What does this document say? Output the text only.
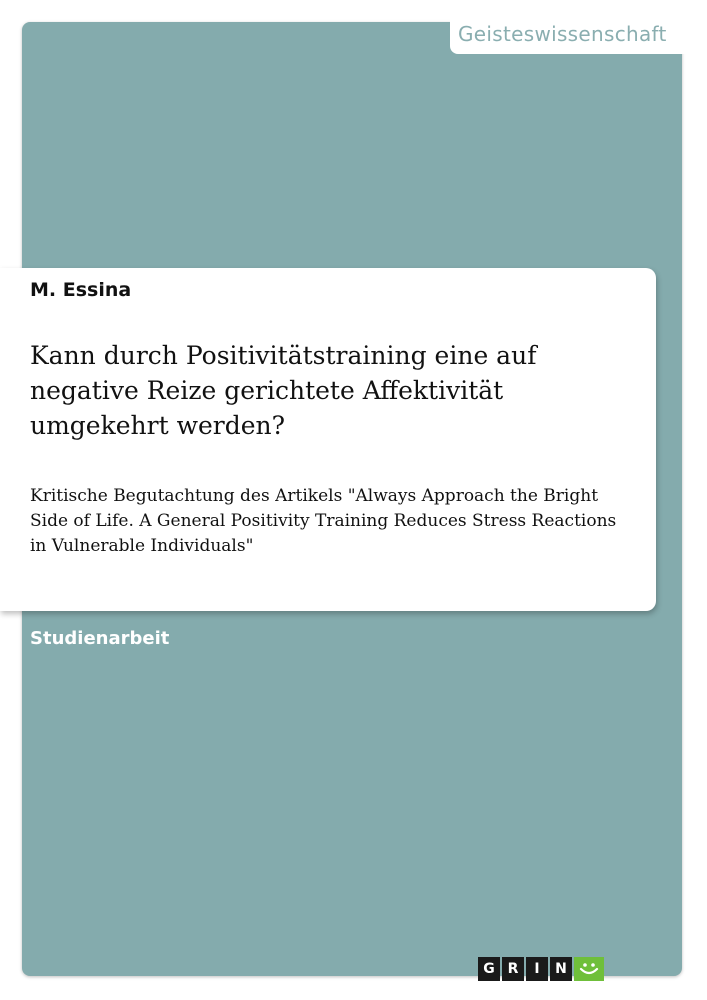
Geisteswissenschaft
M. Essina
Kann durch Positivitätstraining eine auf negative Reize gerichtete Affektivität umgekehrt werden?

Kritische Begutachtung des Artikels "Always Approach the Bright Side of Life. A General Positivity Training Reduces Stress Reactions in Vulnerable Individuals"

Studienarbeit
G R	I	N
